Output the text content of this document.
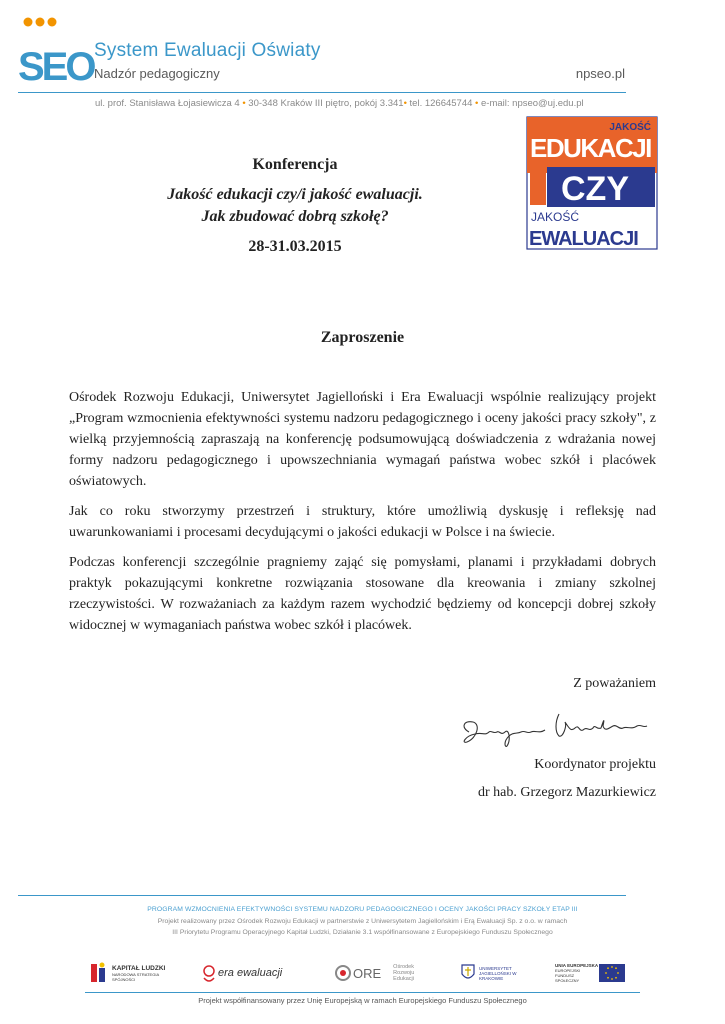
SEO System Ewaluacji Oświaty
Nadzór pedagogiczny	npseo.pl
ul. prof. Stanisława Łojasiewicza 4 • 30-348 Kraków III piętro, pokój 3.341• tel. 126645744 • e-mail: npseo@uj.edu.pl
JAKOŚĆ
EDUKACJI
CZY
JAKOŚĆ
EWALUACJI

Konferencja

Jakość edukacji czy/i jakość ewaluacji.
Jak zbudować dobrą szkołę?

28-31.03.2015

Zaproszenie

Ośrodek Rozwoju Edukacji, Uniwersytet Jagielloński i Era Ewaluacji wspólnie realizujący projekt „Program wzmocnienia efektywności systemu nadzoru pedagogicznego i oceny jakości pracy szkoły", z wielką przyjemnością zapraszają na konferencję podsumowującą doświadczenia z wdrażania nowej formy nadzoru pedagogicznego i upowszechniania wymagań państwa wobec szkół i placówek oświatowych.

Jak co roku stworzymy przestrzeń i struktury, które umożliwią dyskusję i refleksję nad uwarunkowaniami i procesami decydującymi o jakości edukacji w Polsce i na świecie.

Podczas konferencji szczególnie pragniemy zająć się pomysłami, planami i przykładami dobrych praktyk pokazującymi konkretne rozwiązania stosowane dla kreowania i zmiany szkolnej rzeczywistości. W rozważaniach za każdym razem wychodzić będziemy od koncepcji dobrej szkoły widocznej w wymaganiach państwa wobec szkół i placówek.

Z poważaniem
Koordynator projektu
dr hab. Grzegorz Mazurkiewicz
PROGRAM WZMOCNIENIA EFEKTYWNOŚCI SYSTEMU NADZORU PEDAGOGICZNEGO I OCENY JAKOŚCI PRACY SZKOŁY ETAP III
Projekt realizowany przez Ośrodek Rozwoju Edukacji w partnerstwie z Uniwersytetem Jagiellońskim i Erą Ewaluacji Sp. z o.o. w ramach
III Priorytetu Programu Operacyjnego Kapitał Ludzki, Działanie 3.1 współfinansowane z Europejskiego Funduszu Społecznego
KAPITAŁ LUDZKI
NARODOWA STRATEGIA SPÓJNOŚCI	era ewaluacji	ORE Ośrodek Rozwoju Edukacji
UNIWERSYTET JAGIELLOŃSKI W KRAKOWIE
UNIA EUROPEJSKA
EUROPEJSKI FUNDUSZ SPOŁECZNY
Projekt współfinansowany przez Unię Europejską w ramach Europejskiego Funduszu Społecznego
